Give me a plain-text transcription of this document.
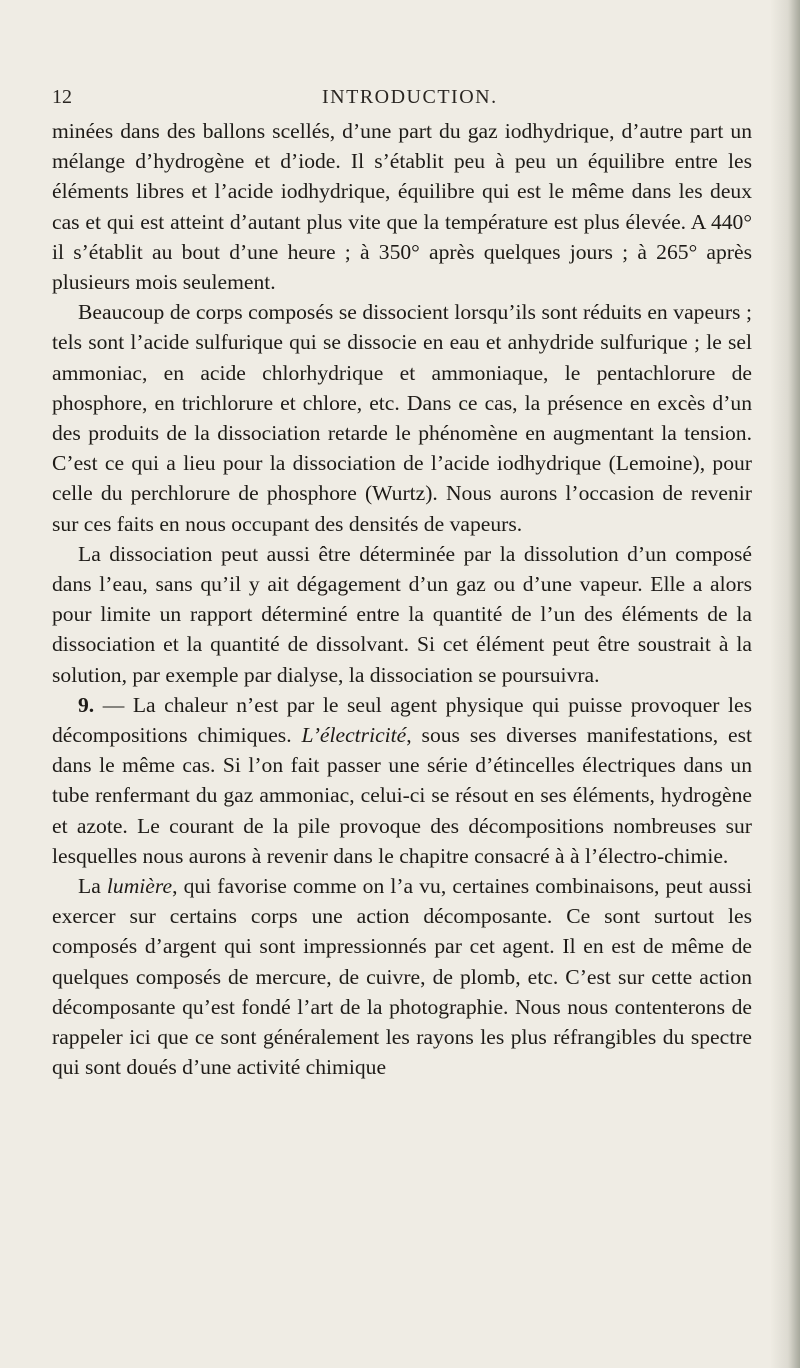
12	INTRODUCTION.

minées dans des ballons scellés, d’une part du gaz iodhydrique, d’autre part un mélange d’hydrogène et d’iode. Il s’établit peu à peu un équilibre entre les éléments libres et l’acide iodhydrique, équilibre qui est le même dans les deux cas et qui est atteint d’autant plus vite que la température est plus élevée. A 440° il s’établit au bout d’une heure ; à 350° après quelques jours ; à 265° après plusieurs mois seulement.

Beaucoup de corps composés se dissocient lorsqu’ils sont réduits en vapeurs ; tels sont l’acide sulfurique qui se dissocie en eau et anhydride sulfurique ; le sel ammoniac, en acide chlorhydrique et ammoniaque, le pentachlorure de phosphore, en trichlorure et chlore, etc. Dans ce cas, la présence en excès d’un des produits de la dissociation retarde le phénomène en augmentant la tension. C’est ce qui a lieu pour la dissociation de l’acide iodhydrique (Lemoine), pour celle du perchlorure de phosphore (Wurtz). Nous aurons l’occasion de revenir sur ces faits en nous occupant des densités de vapeurs.

La dissociation peut aussi être déterminée par la dissolution d’un composé dans l’eau, sans qu’il y ait dégagement d’un gaz ou d’une vapeur. Elle a alors pour limite un rapport déterminé entre la quantité de l’un des éléments de la dissociation et la quantité de dissolvant. Si cet élément peut être soustrait à la solution, par exemple par dialyse, la dissociation se poursuivra.

9. — La chaleur n’est par le seul agent physique qui puisse provoquer les décompositions chimiques. L’électricité, sous ses diverses manifestations, est dans le même cas. Si l’on fait passer une série d’étincelles électriques dans un tube renfermant du gaz ammoniac, celui-ci se résout en ses éléments, hydrogène et azote. Le courant de la pile provoque des décompositions nombreuses sur lesquelles nous aurons à revenir dans le chapitre consacré à à l’électro-chimie.

La lumière, qui favorise comme on l’a vu, certaines combinaisons, peut aussi exercer sur certains corps une action décomposante. Ce sont surtout les composés d’argent qui sont impressionnés par cet agent. Il en est de même de quelques composés de mercure, de cuivre, de plomb, etc. C’est sur cette action décomposante qu’est fondé l’art de la photographie. Nous nous contenterons de rappeler ici que ce sont généralement les rayons les plus réfrangibles du spectre qui sont doués d’une activité chimique
